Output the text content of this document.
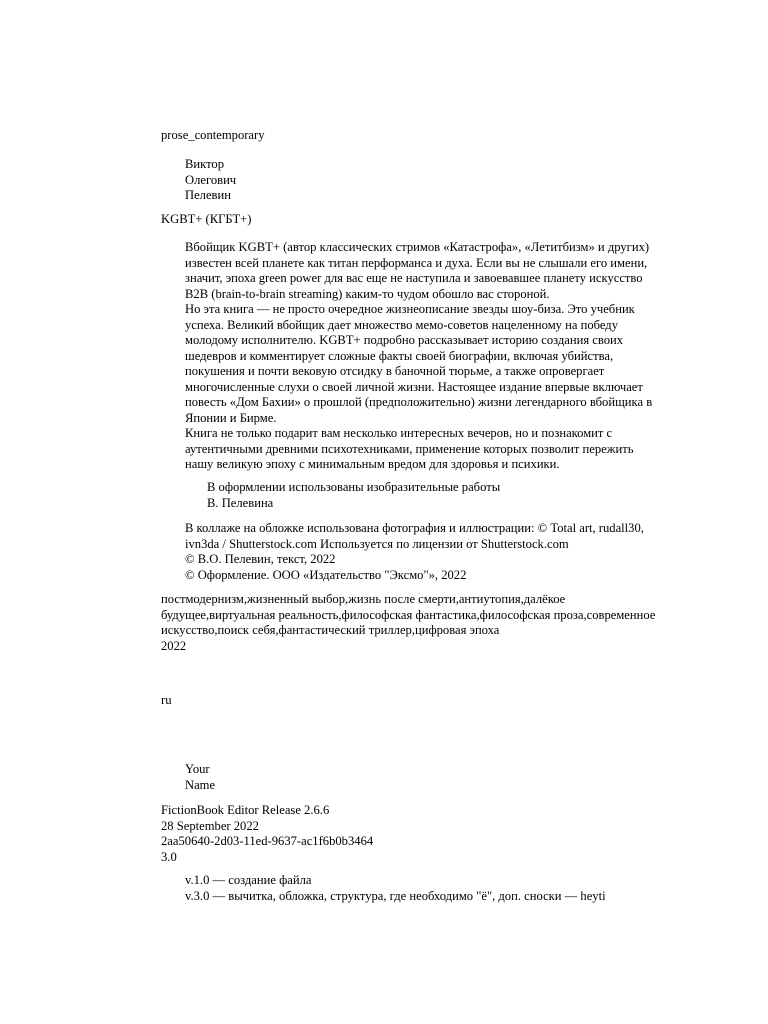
prose_contemporary
Виктор
Олегович
Пелевин
KGBT+ (КГБТ+)
Вбойщик KGBT+ (автор классических стримов «Катастрофа», «Летитбизм» и других)
известен всей планете как титан перформанса и духа. Если вы не слышали его имени,
значит, эпоха green power для вас еще не наступила и завоевавшее планету искусство
B2B (brain-to-brain streaming) каким-то чудом обошло вас стороной.
Но эта книга — не просто очередное жизнеописание звезды шоу-биза. Это учебник
успеха. Великий вбойщик дает множество мемо-советов нацеленному на победу
молодому исполнителю. KGBT+ подробно рассказывает историю создания своих
шедевров и комментирует сложные факты своей биографии, включая убийства,
покушения и почти вековую отсидку в баночной тюрьме, а также опровергает
многочисленные слухи о своей личной жизни. Настоящее издание впервые включает
повесть «Дом Бахии» о прошлой (предположительно) жизни легендарного вбойщика в
Японии и Бирме.
Книга не только подарит вам несколько интересных вечеров, но и познакомит с
аутентичными древними психотехниками, применение которых позволит пережить
нашу великую эпоху с минимальным вредом для здоровья и психики.
В оформлении использованы изобразительные работы
В. Пелевина
В коллаже на обложке использована фотография и иллюстрации: © Total art, rudall30,
ivn3da / Shutterstock.com Используется по лицензии от Shutterstock.com
© В.О. Пелевин, текст, 2022
© Оформление. ООО «Издательство "Эксмо"», 2022
постмодернизм,жизненный выбор,жизнь после смерти,антиутопия,далёкое
будущее,виртуальная реальность,философская фантастика,философская проза,современное
искусство,поиск себя,фантастический триллер,цифровая эпоха
2022
ru
Your
Name
FictionBook Editor Release 2.6.6
28 September 2022
2aa50640-2d03-11ed-9637-ac1f6b0b3464
3.0
v.1.0 — создание файла
v.3.0 — вычитка, обложка, структура, где необходимо "ё", доп. сноски — heyti
